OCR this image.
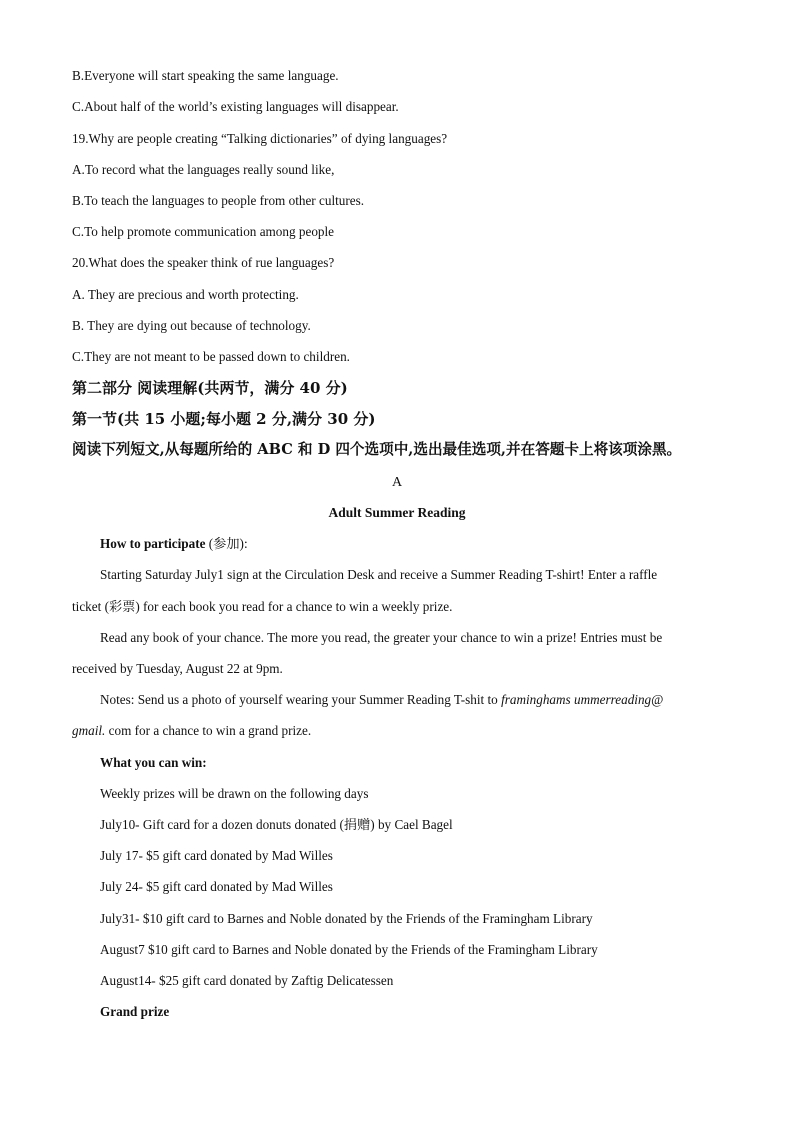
B.Everyone will start speaking the same language.
C.About half of the world’s existing languages will disappear.
19.Why are people creating “Talking dictionaries” of dying languages?
A.To record what the languages really sound like,
B.To teach the languages to people from other cultures.
C.To help promote communication among people
20.What does the speaker think of rue languages?
A. They are precious and worth protecting.
B. They are dying out because of technology.
C.They are not meant to be passed down to children.
第二部分 阅读理解(共两节，满分 40 分)
第一节(共 15 小题;每小题 2 分,满分 30 分)
阅读下列短文,从每题所给的 ABC 和 D 四个选项中,选出最佳选项,并在答题卡上将该项涂黑。
A
Adult Summer Reading
How to participate (参加):
Starting Saturday July1 sign at the Circulation Desk and receive a Summer Reading T-shirt! Enter a raffle
ticket (彩票) for each book you read for a chance to win a weekly prize.
Read any book of your chance. The more you read, the greater your chance to win a prize! Entries must be
received by Tuesday, August 22 at 9pm.
Notes: Send us a photo of yourself wearing your Summer Reading T-shit to framinghams ummerreading@
gmail. com for a chance to win a grand prize.
What you can win:
Weekly prizes will be drawn on the following days
July10- Gift card for a dozen donuts donated (捐赠) by Cael Bagel
July 17- $5 gift card donated by Mad Willes
July 24- $5 gift card donated by Mad Willes
July31- $10 gift card to Barnes and Noble donated by the Friends of the Framingham Library
August7 $10 gift card to Barnes and Noble donated by the Friends of the Framingham Library
August14- $25 gift card donated by Zaftig Delicatessen
Grand prize
